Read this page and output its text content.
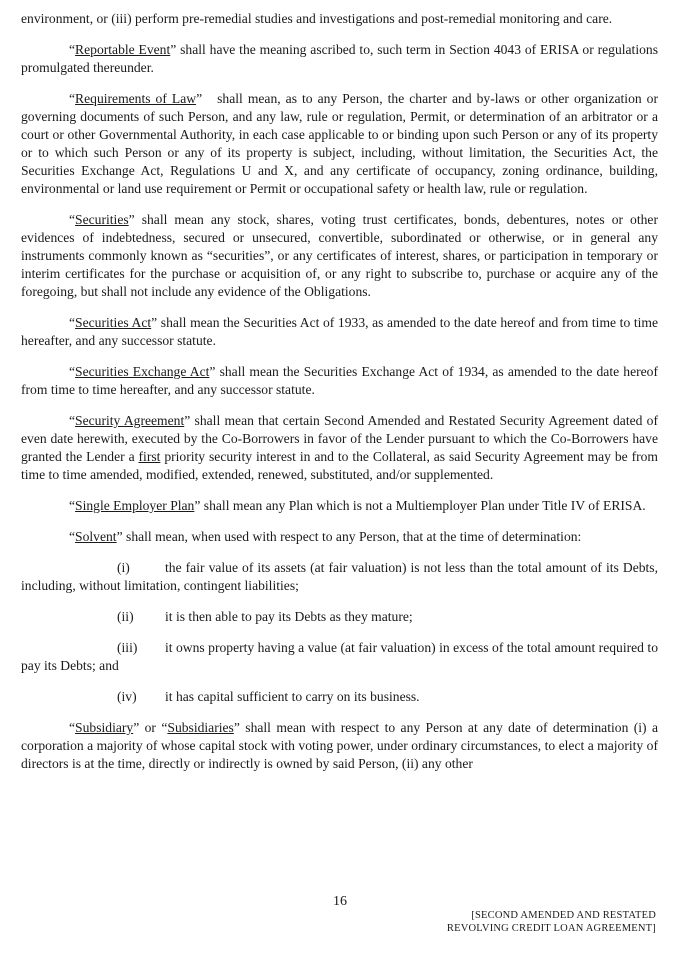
environment, or (iii) perform pre-remedial studies and investigations and post-remedial monitoring and care.

“Reportable Event” shall have the meaning ascribed to, such term in Section 4043 of ERISA or regulations promulgated thereunder.

“Requirements of Law”   shall mean, as to any Person, the charter and by-laws or other organization or governing documents of such Person, and any law, rule or regulation, Permit, or determination of an arbitrator or a court or other Governmental Authority, in each case applicable to or binding upon such Person or any of its property or to which such Person or any of its property is subject, including, without limitation, the Securities Act, the Securities Exchange Act, Regulations U and X, and any certificate of occupancy, zoning ordinance, building, environmental or land use requirement or Permit or occupational safety or health law, rule or regulation.

“Securities” shall mean any stock, shares, voting trust certificates, bonds, debentures, notes or other evidences of indebtedness, secured or unsecured, convertible, subordinated or otherwise, or in general any instruments commonly known as “securities”, or any certificates of interest, shares, or participation in temporary or interim certificates for the purchase or acquisition of, or any right to subscribe to, purchase or acquire any of the foregoing, but shall not include any evidence of the Obligations.

“Securities Act” shall mean the Securities Act of 1933, as amended to the date hereof and from time to time hereafter, and any successor statute.

“Securities Exchange Act” shall mean the Securities Exchange Act of 1934, as amended to the date hereof from time to time hereafter, and any successor statute.

“Security Agreement” shall mean that certain Second Amended and Restated Security Agreement dated of even date herewith, executed by the Co-Borrowers in favor of the Lender pursuant to which the Co-Borrowers have granted the Lender a first priority security interest in and to the Collateral, as said Security Agreement may be from time to time amended, modified, extended, renewed, substituted, and/or supplemented.

“Single Employer Plan” shall mean any Plan which is not a Multiemployer Plan under Title IV of ERISA.

“Solvent” shall mean, when used with respect to any Person, that at the time of determination:

(i)	the fair value of its assets (at fair valuation) is not less than the total amount of its Debts, including, without limitation, contingent liabilities;

(ii) it is then able to pay its Debts as they mature;

(iii) it owns property having a value (at fair valuation) in excess of the total amount required to pay its Debts; and

(iv) it has capital sufficient to carry on its business.

“Subsidiary” or “Subsidiaries” shall mean with respect to any Person at any date of determination (i) a corporation a majority of whose capital stock with voting power, under ordinary circumstances, to elect a majority of directors is at the time, directly or indirectly is owned by said Person, (ii) any other

16
[SECOND AMENDED AND RESTATED
REVOLVING CREDIT LOAN AGREEMENT]
